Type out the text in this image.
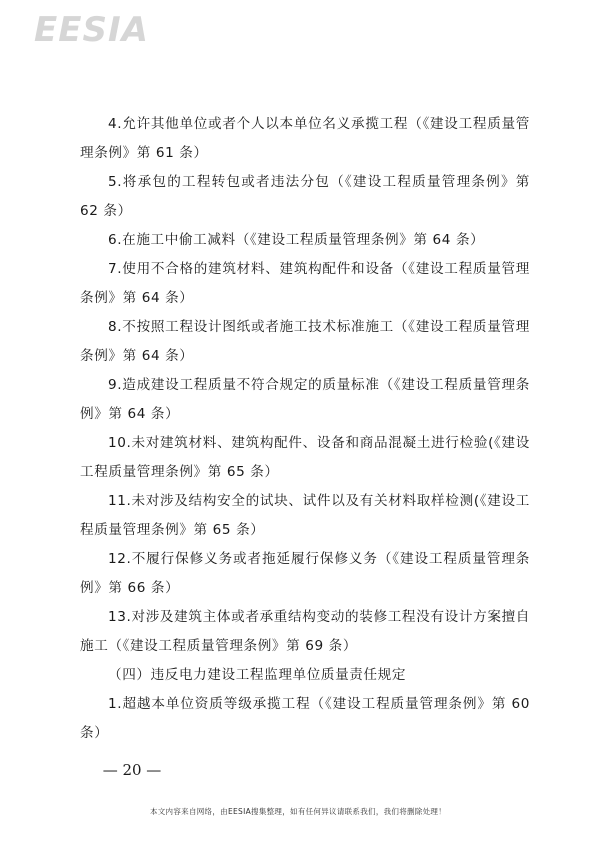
EESIA

4.允许其他单位或者个人以本单位名义承揽工程（《建设工程质量管理条例》第 61 条）

5.将承包的工程转包或者违法分包（《建设工程质量管理条例》第 62 条）

6.在施工中偷工减料（《建设工程质量管理条例》第 64 条）

7.使用不合格的建筑材料、建筑构配件和设备（《建设工程质量管理条例》第 64 条）

8.不按照工程设计图纸或者施工技术标准施工（《建设工程质量管理条例》第 64 条）

9.造成建设工程质量不符合规定的质量标准（《建设工程质量管理条例》第 64 条）

10.未对建筑材料、建筑构配件、设备和商品混凝土进行检验(《建设工程质量管理条例》第 65 条）

11.未对涉及结构安全的试块、试件以及有关材料取样检测(《建设工程质量管理条例》第 65 条）

12.不履行保修义务或者拖延履行保修义务（《建设工程质量管理条例》第 66 条）

13.对涉及建筑主体或者承重结构变动的装修工程没有设计方案擅自施工（《建设工程质量管理条例》第 69 条）

（四）违反电力建设工程监理单位质量责任规定

1.超越本单位资质等级承揽工程（《建设工程质量管理条例》第 60 条）

— 20 —
本文内容来自网络，由EESIA搜集整理，如有任何异议请联系我们，我们将删除处理！
